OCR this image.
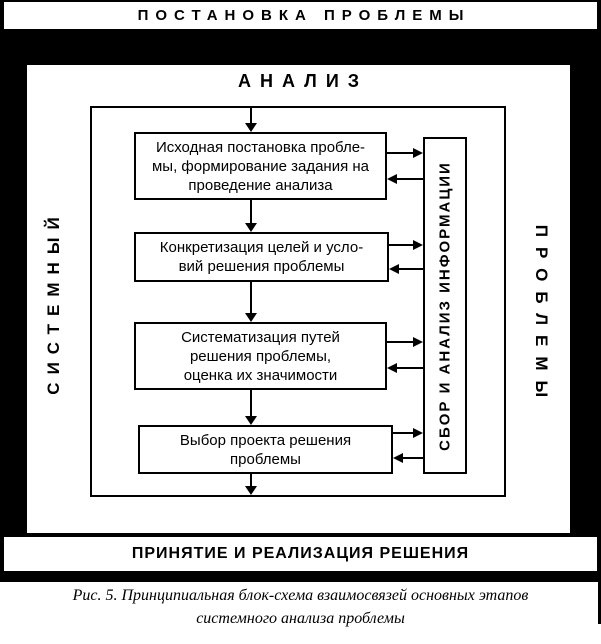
ПОСТАНОВКА ПРОБЛЕМЫ
АНАЛИЗ
СИСТЕМНЫЙ	ПРОБЛЕМЫ
СБОР И АНАЛИЗ ИНФОРМАЦИИ
Исходная постановка пробле-
мы, формирование задания на
проведение анализа
Конкретизация целей и усло-
вий решения проблемы
Систематизация путей
решения проблемы,
оценка их значимости
Выбор проекта решения
проблемы
ПРИНЯТИЕ И РЕАЛИЗАЦИЯ РЕШЕНИЯ
Рис. 5. Принципиальная блок-схема взаимосвязей основных этапов
системного анализа проблемы
